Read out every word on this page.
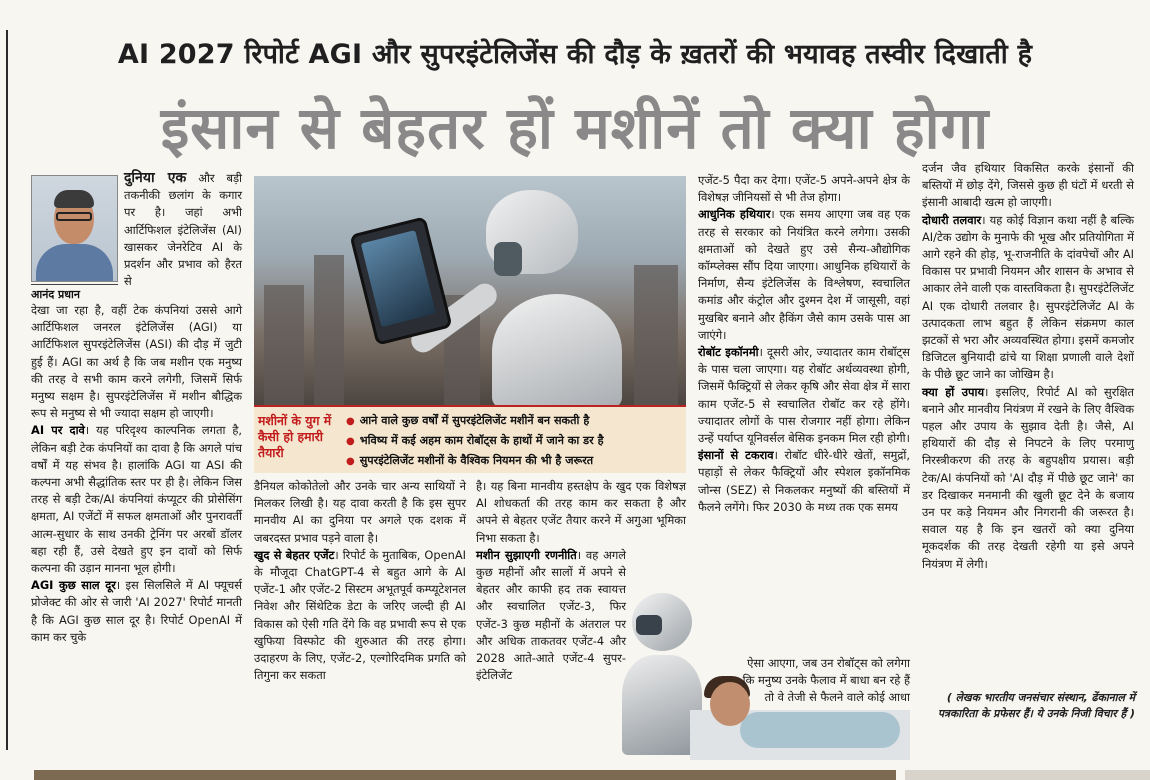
AI 2027 रिपोर्ट AGI और सुपरइंटेलिजेंस की दौड़ के ख़तरों की भयावह तस्वीर दिखाती है
इंसान से बेहतर हों मशीनें तो क्या होगा
आनंद प्रधान

दुनिया एक और बड़ी तकनीकी छलांग के कगार पर है। जहां अभी आर्टिफिशल इंटेलिजेंस (AI) खासकर जेनरेटिव AI के प्रदर्शन और प्रभाव को हैरत से

देखा जा रहा है, वहीं टेक कंपनियां उससे आगे आर्टिफिशल जनरल इंटेलिजेंस (AGI) या आर्टिफिशल सुपरइंटेलिजेंस (ASI) की दौड़ में जुटी हुई हैं। AGI का अर्थ है कि जब मशीन एक मनुष्य की तरह वे सभी काम करने लगेगी, जिसमें सिर्फ मनुष्य सक्षम है। सुपरइंटेलिजेंस में मशीन बौद्धिक रूप से मनुष्य से भी ज्यादा सक्षम हो जाएगी।

AI पर दावे। यह परिदृश्य काल्पनिक लगता है, लेकिन बड़ी टेक कंपनियों का दावा है कि अगले पांच वर्षों में यह संभव है। हालांकि AGI या ASI की कल्पना अभी सैद्धांतिक स्तर पर ही है। लेकिन जिस तरह से बड़ी टेक/AI कंपनियां कंप्यूटर की प्रोसेसिंग क्षमता, AI एजेंटों में सफल क्षमताओं और पुनरावर्ती आत्म-सुधार के साथ उनकी ट्रेनिंग पर अरबों डॉलर बहा रही हैं, उसे देखते हुए इन दावों को सिर्फ कल्पना की उड़ान मानना भूल होगी।

AGI कुछ साल दूर। इस सिलसिले में AI फ्यूचर्स प्रोजेक्ट की ओर से जारी 'AI 2027' रिपोर्ट मानती है कि AGI कुछ साल दूर है। रिपोर्ट OpenAI में काम कर चुके

मशीनों के युग में कैसी हो हमारी तैयारी
● आने वाले कुछ वर्षों में सुपरइंटेलिजेंट मशीनें बन सकती है
● भविष्य में कई अहम काम रोबॉट्स के हाथों में जाने का डर है
● सुपरइंटेलिजेंट मशीनों के वैश्विक नियमन की भी है जरूरत

डैनियल कोकोतेलो और उनके चार अन्य साथियों ने मिलकर लिखी है। यह दावा करती है कि इस सुपर मानवीय AI का दुनिया पर अगले एक दशक में जबरदस्त प्रभाव पड़ने वाला है।

खुद से बेहतर एजेंट। रिपोर्ट के मुताबिक, OpenAI के मौजूदा ChatGPT-4 से बहुत आगे के AI एजेंट-1 और एजेंट-2 सिस्टम अभूतपूर्व कम्प्यूटेशनल निवेश और सिंथेटिक डेटा के जरिए जल्दी ही AI विकास को ऐसी गति देंगे कि वह प्रभावी रूप से एक खुफिया विस्फोट की शुरुआत की तरह होगा। उदाहरण के लिए, एजेंट-2, एल्गोरिदमिक प्रगति को तिगुना कर सकता

है। यह बिना मानवीय हस्तक्षेप के खुद एक विशेषज्ञ AI शोधकर्ता की तरह काम कर सकता है और अपने से बेहतर एजेंट तैयार करने में अगुआ भूमिका निभा सकता है।

मशीन सुझाएगी रणनीति। वह अगले कुछ महीनों और सालों में अपने से बेहतर और काफी हद तक स्वायत्त और स्वचालित एजेंट-3, फिर एजेंट-3 कुछ महीनों के अंतराल पर और अधिक ताकतवर एजेंट-4 और 2028 आते-आते एजेंट-4 सुपर-इंटेलिजेंट

एजेंट-5 पैदा कर देगा। एजेंट-5 अपने-अपने क्षेत्र के विशेषज्ञ जीनियसों से भी तेज होगा।

आधुनिक हथियार। एक समय आएगा जब वह एक तरह से सरकार को नियंत्रित करने लगेगा। उसकी क्षमताओं को देखते हुए उसे सैन्य-औद्योगिक कॉम्प्लेक्स सौंप दिया जाएगा। आधुनिक हथियारों के निर्माण, सैन्य इंटेलिजेंस के विश्लेषण, स्वचालित कमांड और कंट्रोल और दुश्मन देश में जासूसी, वहां मुखबिर बनाने और हैकिंग जैसे काम उसके पास आ जाएंगे।

रोबॉट इकॉनमी। दूसरी ओर, ज्यादातर काम रोबॉट्स के पास चला जाएगा। यह रोबॉट अर्थव्यवस्था होगी, जिसमें फैक्ट्रियों से लेकर कृषि और सेवा क्षेत्र में सारा काम एजेंट-5 से स्वचालित रोबॉट कर रहे होंगे। ज्यादातर लोगों के पास रोजगार नहीं होगा। लेकिन उन्हें पर्याप्त यूनिवर्सल बेसिक इनकम मिल रही होगी।

इंसानों से टकराव। रोबॉट धीरे-धीरे खेतों, समुद्रों, पहाड़ों से लेकर फैक्ट्रियों और स्पेशल इकॉनमिक जोन्स (SEZ) से निकलकर मनुष्यों की बस्तियों में फैलने लगेंगे। फिर 2030 के मध्य तक एक समय

ऐसा आएगा, जब उन रोबॉट्स को लगेगा कि मनुष्य उनके फैलाव में बाधा बन रहे हैं तो वे तेजी से फैलने वाले कोई आधा

दर्जन जैव हथियार विकसित करके इंसानों की बस्तियों में छोड़ देंगे, जिससे कुछ ही घंटों में धरती से इंसानी आबादी खत्म हो जाएगी।

दोधारी तलवार। यह कोई विज्ञान कथा नहीं है बल्कि AI/टेक उद्योग के मुनाफे की भूख और प्रतियोगिता में आगे रहने की होड़, भू-राजनीति के दांवपेचों और AI विकास पर प्रभावी नियमन और शासन के अभाव से आकार लेने वाली एक वास्तविकता है। सुपरइंटेलिजेंट AI एक दोधारी तलवार है। सुपरइंटेलिजेंट AI के उत्पादकता लाभ बहुत हैं लेकिन संक्रमण काल झटकों से भरा और अव्यवस्थित होगा। इसमें कमजोर डिजिटल बुनियादी ढांचे या शिक्षा प्रणाली वाले देशों के पीछे छूट जाने का जोखिम है।

क्या हों उपाय। इसलिए, रिपोर्ट AI को सुरक्षित बनाने और मानवीय नियंत्रण में रखने के लिए वैश्विक पहल और उपाय के सुझाव देती है। जैसे, AI हथियारों की दौड़ से निपटने के लिए परमाणु निरस्त्रीकरण की तरह के बहुपक्षीय प्रयास। बड़ी टेक/AI कंपनियों को 'AI दौड़ में पीछे छूट जाने' का डर दिखाकर मनमानी की खुली छूट देने के बजाय उन पर कड़े नियमन और निगरानी की जरूरत है। सवाल यह है कि इन खतरों को क्या दुनिया मूकदर्शक की तरह देखती रहेगी या इसे अपने नियंत्रण में लेगी।

( लेखक भारतीय जनसंचार संस्थान, ढेंकानाल में पत्रकारिता के प्रफेसर हैं। ये उनके निजी विचार हैं )
